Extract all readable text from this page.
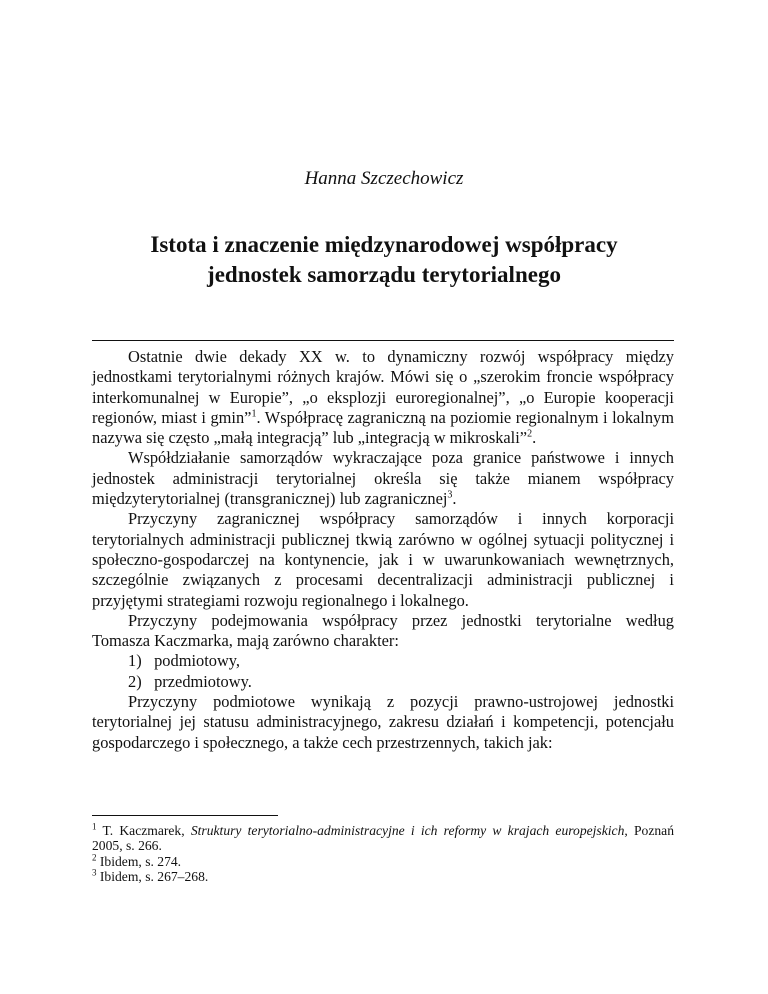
Hanna Szczechowicz
Istota i znaczenie międzynarodowej współpracy
jednostek samorządu terytorialnego

Ostatnie dwie dekady XX w. to dynamiczny rozwój współpracy między jednostkami terytorialnymi różnych krajów. Mówi się o „szerokim froncie współpracy interkomunalnej w Europie”, „o eksplozji euroregionalnej”, „o Europie kooperacji regionów, miast i gmin”$^1$. Współpracę zagraniczną na poziomie regionalnym i lokalnym nazywa się często „małą integracją” lub „integracją w mikroskali”$^2$.

Współdziałanie samorządów wykraczające poza granice państwowe i innych jednostek administracji terytorialnej określa się także mianem współpracy międzyterytorialnej (transgranicznej) lub zagranicznej$^3$.

Przyczyny zagranicznej współpracy samorządów i innych korporacji terytorialnych administracji publicznej tkwią zarówno w ogólnej sytuacji politycznej i społeczno-gospodarczej na kontynencie, jak i w uwarunkowaniach wewnętrznych, szczególnie związanych z procesami decentralizacji administracji publicznej i przyjętymi strategiami rozwoju regionalnego i lokalnego.

Przyczyny podejmowania współpracy przez jednostki terytorialne według Tomasza Kaczmarka, mają zarówno charakter:

1) podmiotowy,
2) przedmiotowy.

Przyczyny podmiotowe wynikają z pozycji prawno-ustrojowej jednostki terytorialnej jej statusu administracyjnego, zakresu działań i kompetencji, potencjału gospodarczego i społecznego, a także cech przestrzennych, takich jak:

$^1$ T. Kaczmarek, Struktury terytorialno-administracyjne i ich reformy w krajach europejskich, Poznań 2005, s. 266.

$^2$ Ibidem, s. 274.

$^3$ Ibidem, s. 267–268.
